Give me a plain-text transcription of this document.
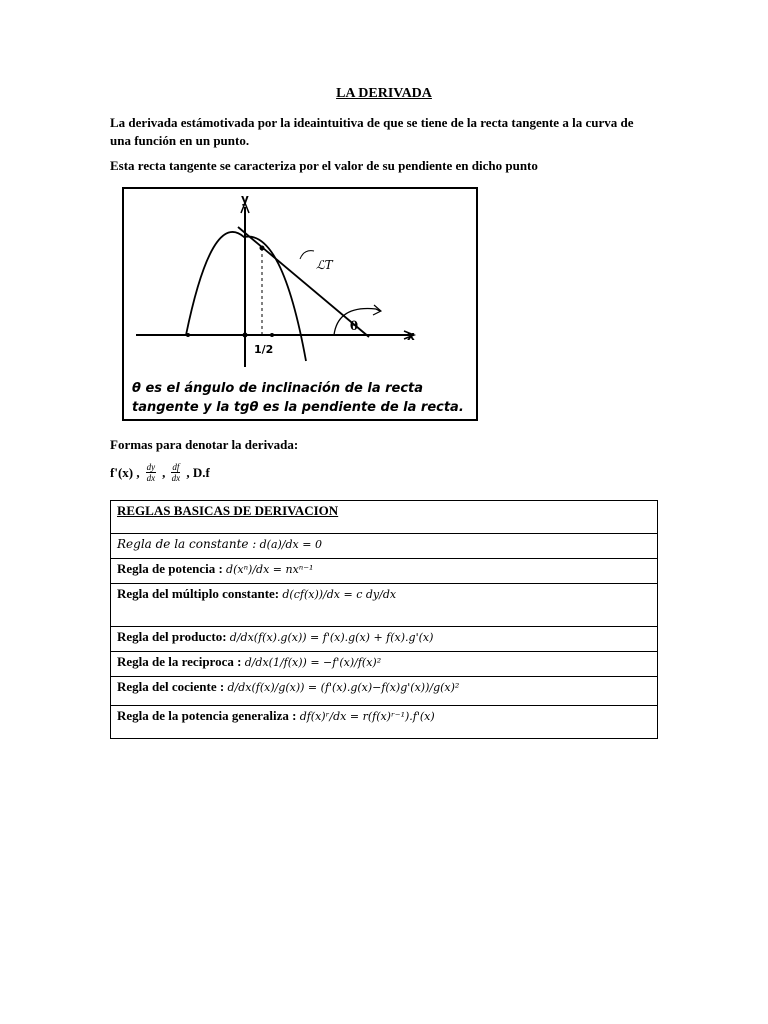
LA DERIVADA
La derivada estámotivada por la ideaintuitiva de que se tiene de la recta tangente a la curva de una función en un punto.
Esta recta tangente se caracteriza por el valor de su pendiente en dicho punto
y
x
ℒT
θ
1/2
θ es el ángulo de inclinación de la recta tangente y la tgθ es la pendiente de la recta.
Formas para denotar la derivada:
f'(x) , $\frac{dy}{dx}$ , $\frac{df}{dx}$ , D.f
REGLAS BASICAS DE DERIVACION
Regla de la constante : d(a)/dx = 0
Regla de potencia : d(xⁿ)/dx = nxⁿ⁻¹
Regla del múltiplo constante: d(cf(x))/dx = c dy/dx
Regla del producto: d/dx(f(x).g(x)) = f'(x).g(x) + f(x).g'(x)
Regla de la reciproca : d/dx(1/f(x)) = −f'(x)/f(x)²
Regla del cociente : d/dx(f(x)/g(x)) = (f'(x).g(x)−f(x)g'(x))/g(x)²
Regla de la potencia generaliza : df(x)ʳ/dx = r(f(x)ʳ⁻¹).f'(x)
